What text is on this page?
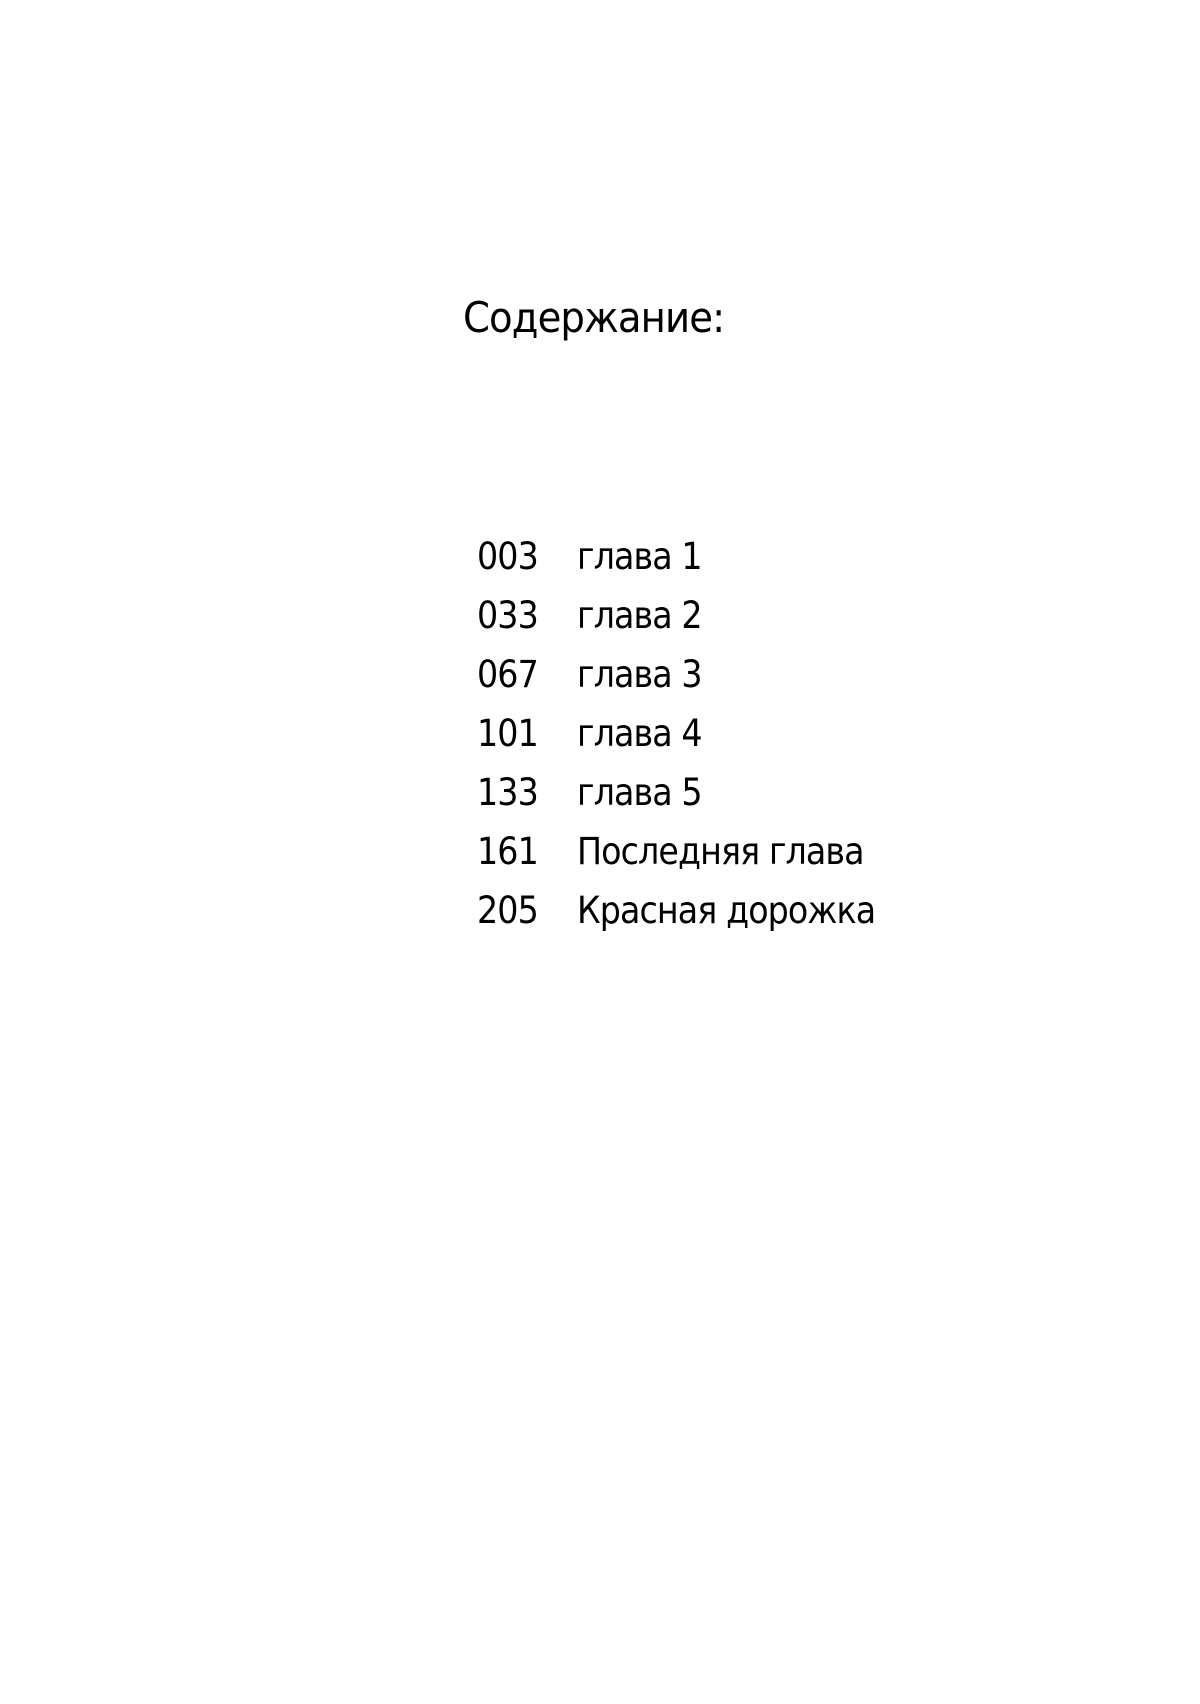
Содержание:
003	глава 1
033	глава 2
067	глава 3
101	глава 4
133	глава 5
161	Последняя глава
205	Красная дорожка
